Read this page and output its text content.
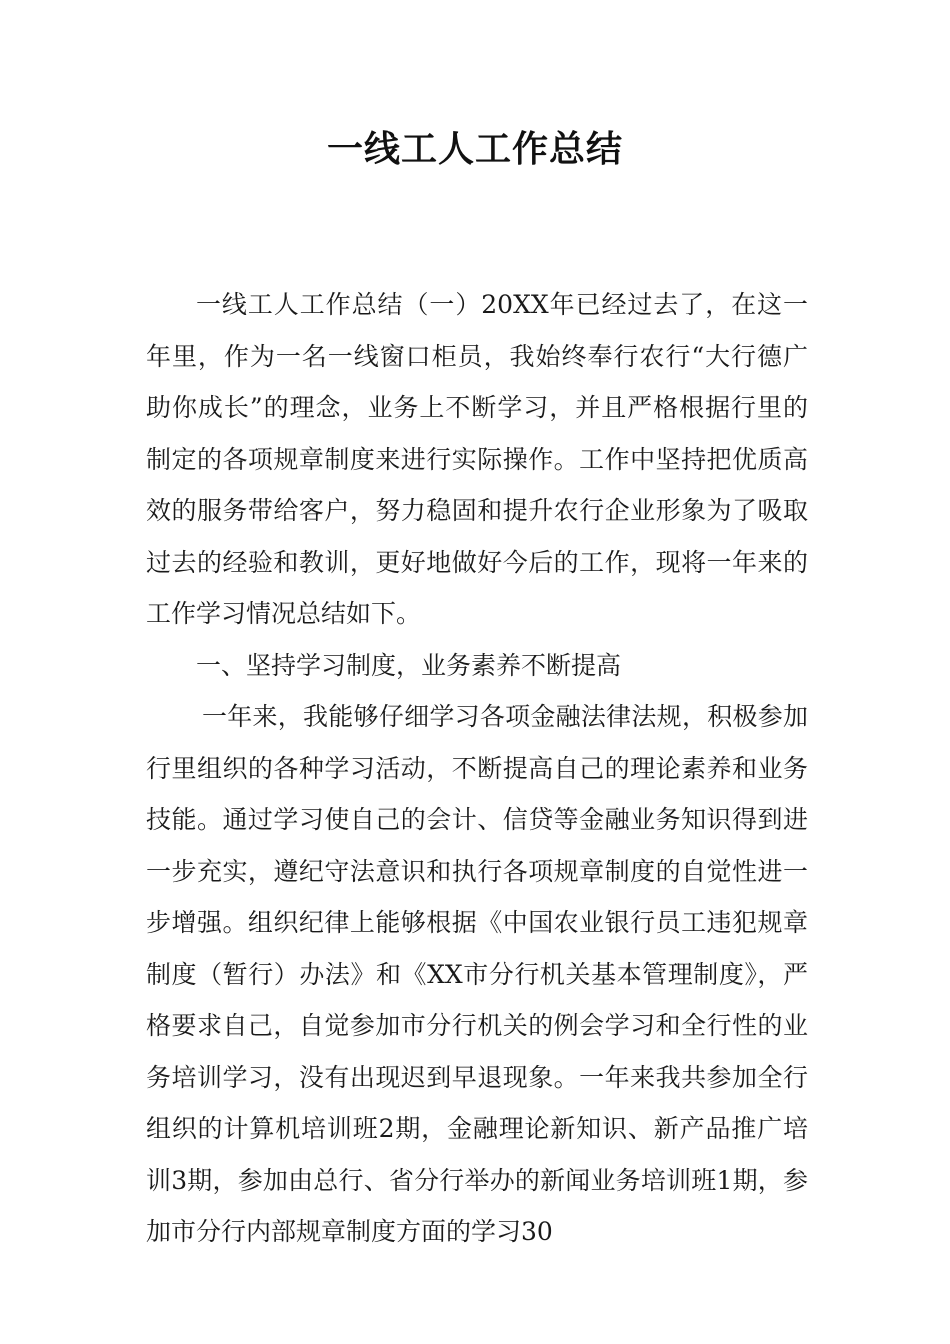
一线工人工作总结

一线工人工作总结（一）20XX年已经过去了，在这一年里，作为一名一线窗口柜员，我始终奉行农行“大行德广助你成长”的理念，业务上不断学习，并且严格根据行里的制定的各项规章制度来进行实际操作。工作中坚持把优质高效的服务带给客户，努力稳固和提升农行企业形象为了吸取过去的经验和教训，更好地做好今后的工作，现将一年来的工作学习情况总结如下。

一、坚持学习制度，业务素养不断提高

一年来，我能够仔细学习各项金融法律法规，积极参加行里组织的各种学习活动，不断提高自己的理论素养和业务技能。通过学习使自己的会计、信贷等金融业务知识得到进一步充实，遵纪守法意识和执行各项规章制度的自觉性进一步增强。组织纪律上能够根据《中国农业银行员工违犯规章制度（暂行）办法》和《XX市分行机关基本管理制度》，严格要求自己，自觉参加市分行机关的例会学习和全行性的业务培训学习，没有出现迟到早退现象。一年来我共参加全行组织的计算机培训班2期，金融理论新知识、新产品推广培训3期，参加由总行、省分行举办的新闻业务培训班1期，参加市分行内部规章制度方面的学习30
